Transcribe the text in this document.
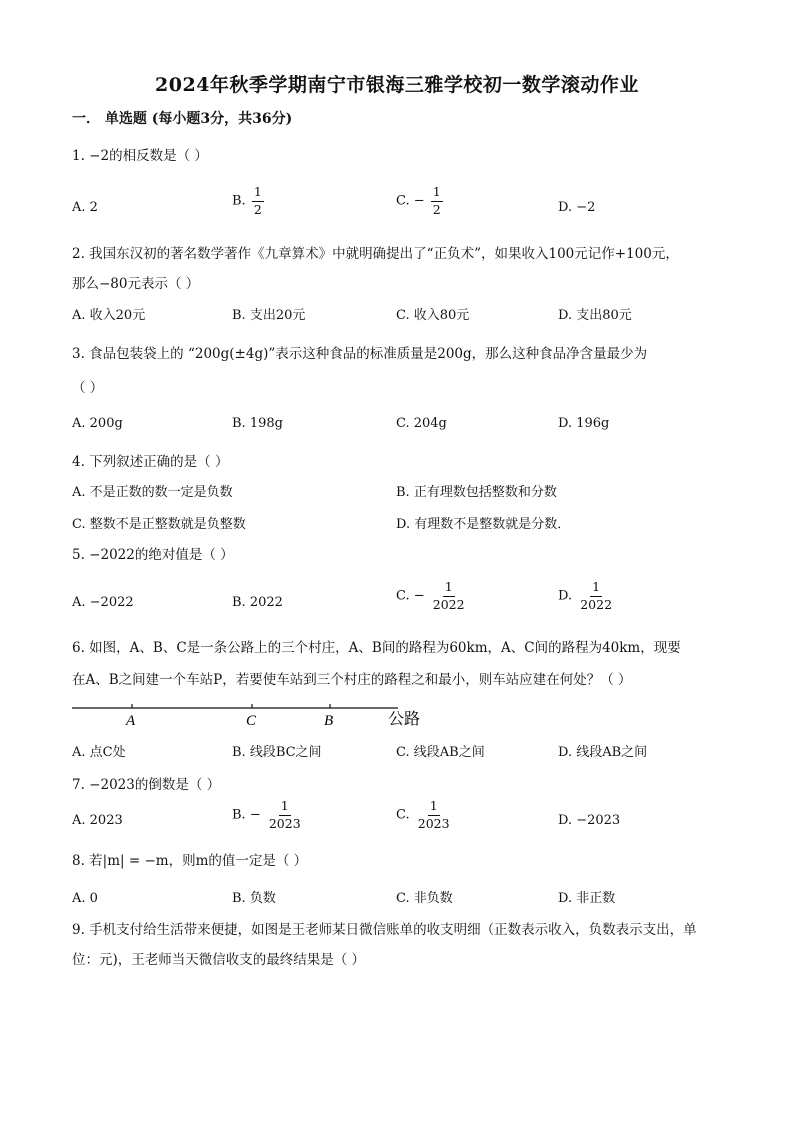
2024年秋季学期南宁市银海三雅学校初一数学滚动作业
一． 单选题 (每小题3分，共36分)
1. −2的相反数是（ ）
A. 2	B. $\frac{1}{2}$	C. − $\frac{1}{2}$	D. −2
2. 我国东汉初的著名数学著作《九章算术》中就明确提出了“正负术”，如果收入100元记作+100元，
那么−80元表示（ ）
A. 收入20元	B. 支出20元	C. 收入80元	D. 支出80元
3. 食品包装袋上的 “200g(±4g)”表示这种食品的标准质量是200g，那么这种食品净含量最少为
（ ）
A. 200g	B. 198g	C. 204g	D. 196g
4. 下列叙述正确的是（ ）
A. 不是正数的数一定是负数	B. 正有理数包括整数和分数
C. 整数不是正整数就是负整数	D. 有理数不是整数就是分数．
5. −2022的绝对值是（ ）
A. −2022	B. 2022	C. − $\frac{1}{2022}$	D. $\frac{1}{2022}$
6. 如图，A、B、C是一条公路上的三个村庄，A、B间的路程为60km，A、C间的路程为40km，现要
在A、B之间建一个车站P，若要使车站到三个村庄的路程之和最小，则车站应建在何处？（ ）
A	C	B	公路
A. 点C处	B. 线段BC之间	C. 线段AB之间	D. 线段AB之间
7. −2023的倒数是（ ）
A. 2023	B. − $\frac{1}{2023}$	C. $\frac{1}{2023}$	D. −2023
8. 若|m| = −m，则m的值一定是（ ）
A. 0	B. 负数	C. 非负数	D. 非正数
9. 手机支付给生活带来便捷，如图是王老师某日微信账单的收支明细（正数表示收入，负数表示支出，单
位：元)，王老师当天微信收支的最终结果是（ ）
